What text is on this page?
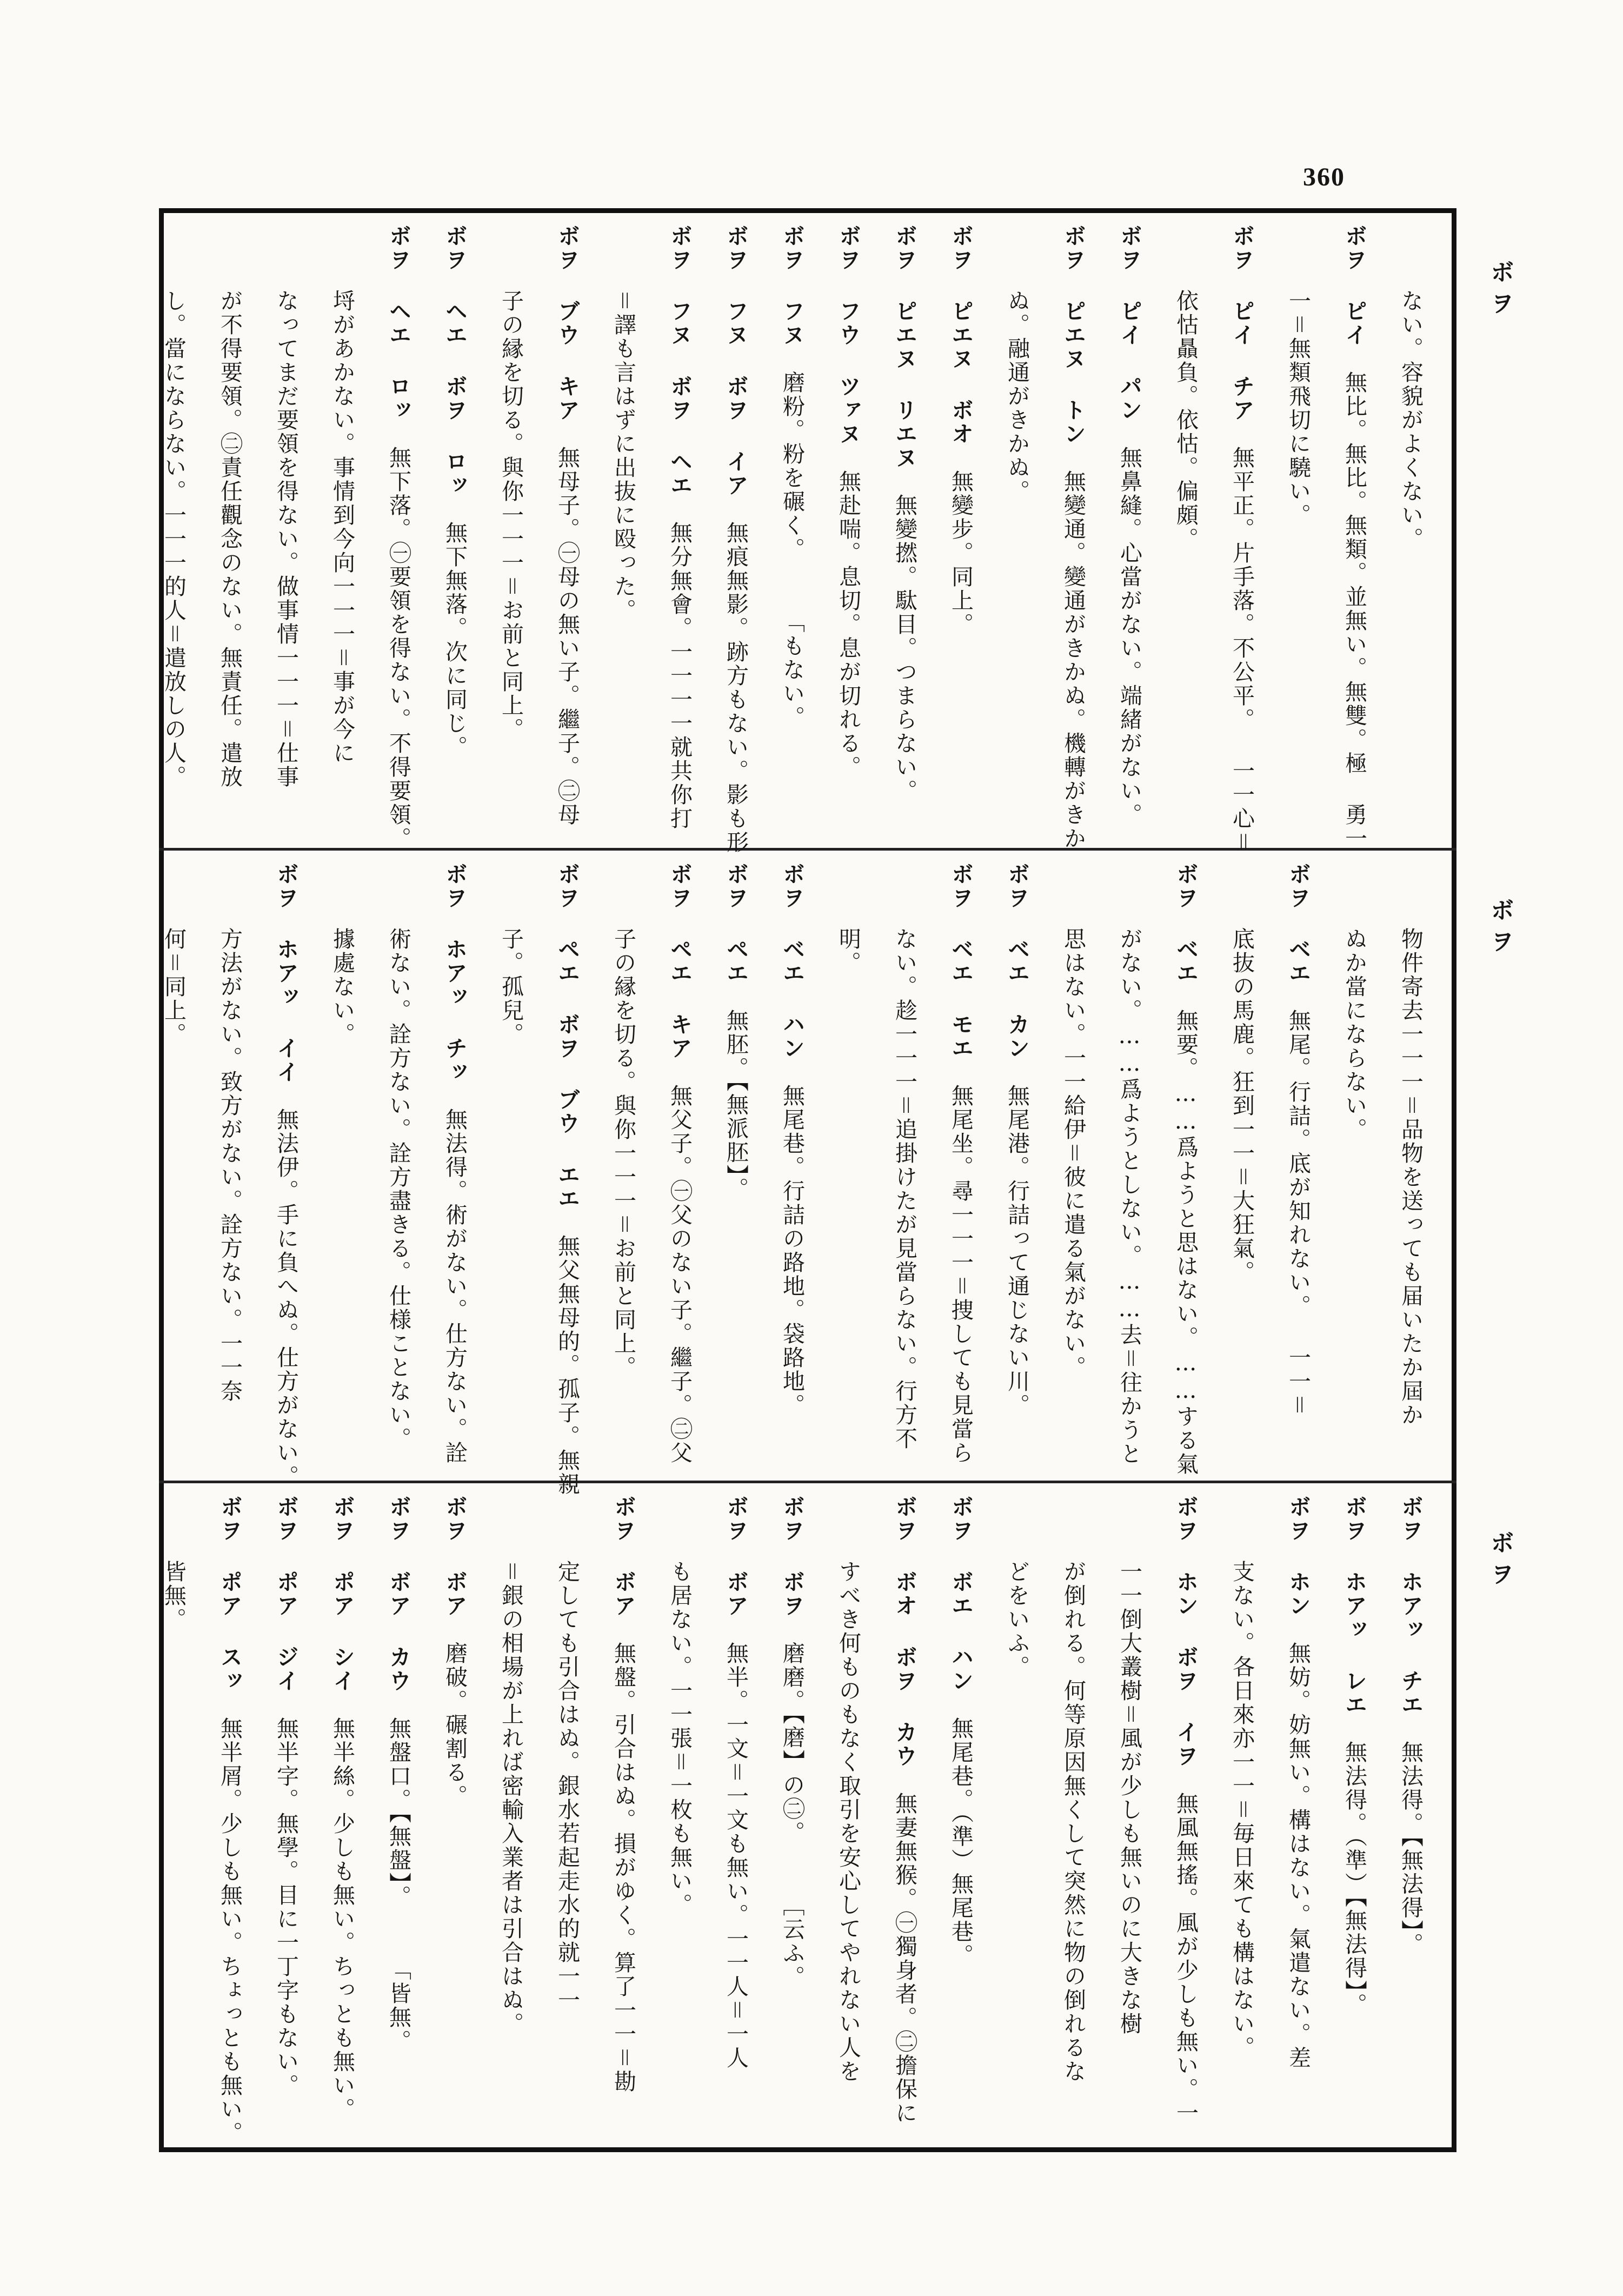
360
ボヲ
ボヲ
ボヲ
ない。容貌がよくない。
ボヲ ピイ　無比。無比。無類。並無い。無雙。極 勇一
一＝無類飛切に驍い。
ボヲ ピイ チア　無平正。片手落。不公平。 一一心＝
依怙贔負。依怙。偏頗。
ボヲ ピイ パン　無鼻縫。心當がない。端緒がない。
ボヲ ピエヌ トン　無變通。變通がきかぬ。機轉がきか
ぬ。融通がきかぬ。
ボヲ ピエヌ ボオ　無變步。同上。
ボヲ ピエヌ リエヌ　無變撚。駄目。つまらない。
ボヲ フウ ツァヌ　無赴喘。息切。息が切れる。
ボヲ フヌ　磨粉。粉を碾く。　　　「もない。
ボヲ フヌ ボヲ イア　無痕無影。跡方もない。影も形
ボヲ フヌ ボヲ ヘエ　無分無會。一一一一就共你打
＝譯も言はずに出抜に殴った。
ボヲ ブウ キア　無母子。㊀母の無い子。繼子。㊁母
子の縁を切る。與你一一一＝お前と同上。
ボヲ ヘエ ボヲ ロッ　無下無落。次に同じ。
ボヲ ヘエ ロッ　無下落。㊀要領を得ない。不得要領。
埒があかない。事情到今向一一一＝事が今に
なってまだ要領を得ない。做事情一一一＝仕事
が不得要領。㊁責任觀念のない。無責任。遣放
し。當にならない。一一一的人＝遣放しの人。
物件寄去一一一＝品物を送っても届いたか屆か
ぬか當にならない。
ボヲ ベエ　無尾。行詰。底が知れない。 一一＝
底抜の馬鹿。狂到一一＝大狂氣。
ボヲ ベエ　無要。……爲ようと思はない。……する氣
がない。……爲ようとしない。……去＝往かうと
思はない。一一給伊＝彼に遣る氣がない。
ボヲ ベエ カン　無尾港。行詰って通じない川。
ボヲ ベエ モエ　無尾坐。尋一一一＝捜しても見當ら
ない。趁一一一＝追掛けたが見當らない。行方不
明。
ボヲ ベエ ハン　無尾巷。行詰の路地。袋路地。
ボヲ ペエ　無胚。【無派胚】。
ボヲ ペエ キア　無父子。㊀父のない子。繼子。㊁父
子の縁を切る。與你一一一＝お前と同上。
ボヲ ペエ ボヲ ブウ エエ　無父無母的。孤子。無親
子。孤兒。
ボヲ ホアッ チッ　無法得。術がない。仕方ない。詮
術ない。詮方ない。詮方盡きる。仕様ことない。
據處ない。
ボヲ ホアッ イイ　無法伊。手に負へぬ。仕方がない。
方法がない。致方がない。詮方ない。一一奈
何＝同上。
ボヲ ホアッ チエ　無法得。【無法得】。
ボヲ ホアッ レエ　無法得。（準）【無法得】。
ボヲ ホン　無妨。妨無い。構はない。氣遣ない。差
支ない。各日來亦一一＝毎日來ても構はない。
ボヲ ホン ボヲ イヲ　無風無搖。風が少しも無い。一
一一倒大叢樹＝風が少しも無いのに大きな樹
が倒れる。何等原因無くして突然に物の倒れるな
どをいふ。
ボヲ ボエ ハン　無尾巷。（準）無尾巷。
ボヲ ボオ ボヲ カウ　無妻無猴。㊀獨身者。㊁擔保に
すべき何ものもなく取引を安心してやれない人を
ボヲ ボヲ　磨磨。【磨】の㊁。　　　［云ふ。
ボヲ ボア　無半。一文＝一文も無い。一一人＝一人
も居ない。一一張＝一枚も無い。
ボヲ ボア　無盤。引合はぬ。損がゆく。算了一一＝勘
定しても引合はぬ。銀水若起走水的就一一
＝銀の相場が上れば密輸入業者は引合はぬ。
ボヲ ボア　磨破。碾割る。
ボヲ ボア カウ　無盤口。【無盤】。　　　「皆無。
ボヲ ポア シイ　無半絲。少しも無い。ちっとも無い。
ボヲ ポア ジイ　無半字。無學。目に一丁字もない。
ボヲ ポア スッ　無半屑。少しも無い。ちょっとも無い。
皆無。
